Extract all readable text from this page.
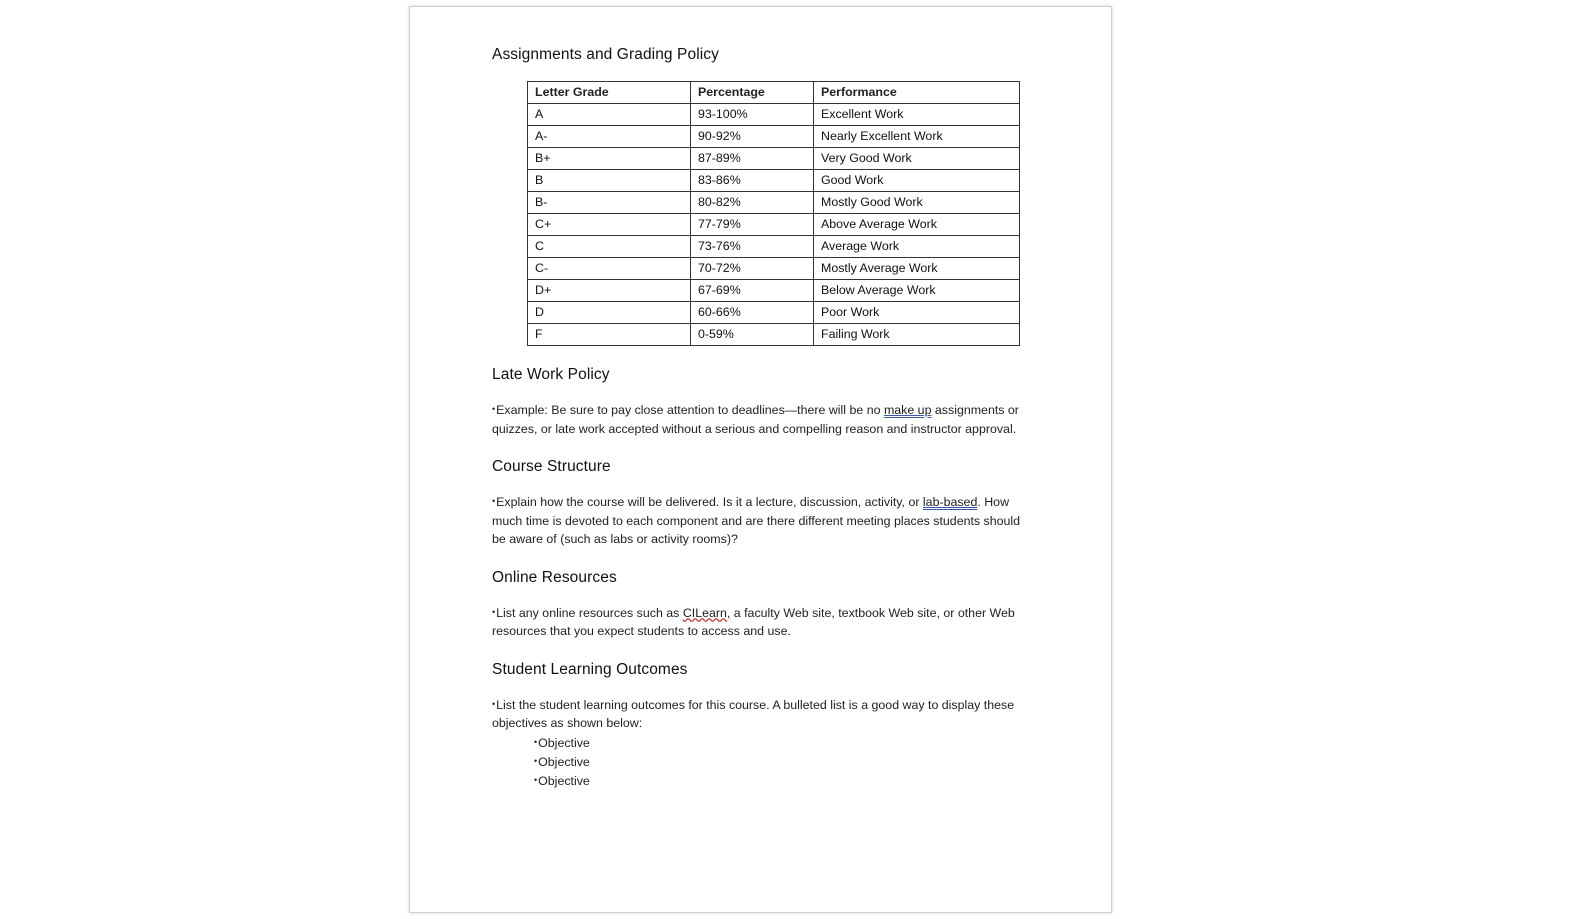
Assignments and Grading Policy
Letter Grade	Percentage	Performance
A	93-100%	Excellent Work
A-	90-92%	Nearly Excellent Work
B+	87-89%	Very Good Work
B	83-86%	Good Work
B-	80-82%	Mostly Good Work
C+	77-79%	Above Average Work
C	73-76%	Average Work
C-	70-72%	Mostly Average Work
D+	67-69%	Below Average Work
D	60-66%	Poor Work
F	0-59%	Failing Work
Late Work Policy

•Example: Be sure to pay close attention to deadlines—there will be no make up assignments or quizzes, or late work accepted without a serious and compelling reason and instructor approval.

Course Structure

•Explain how the course will be delivered. Is it a lecture, discussion, activity, or lab-based. How much time is devoted to each component and are there different meeting places students should be aware of (such as labs or activity rooms)?

Online Resources

•List any online resources such as CILearn, a faculty Web site, textbook Web site, or other Web resources that you expect students to access and use.

Student Learning Outcomes

•List the student learning outcomes for this course. A bulleted list is a good way to display these objectives as shown below:

•Objective
•Objective
•Objective
